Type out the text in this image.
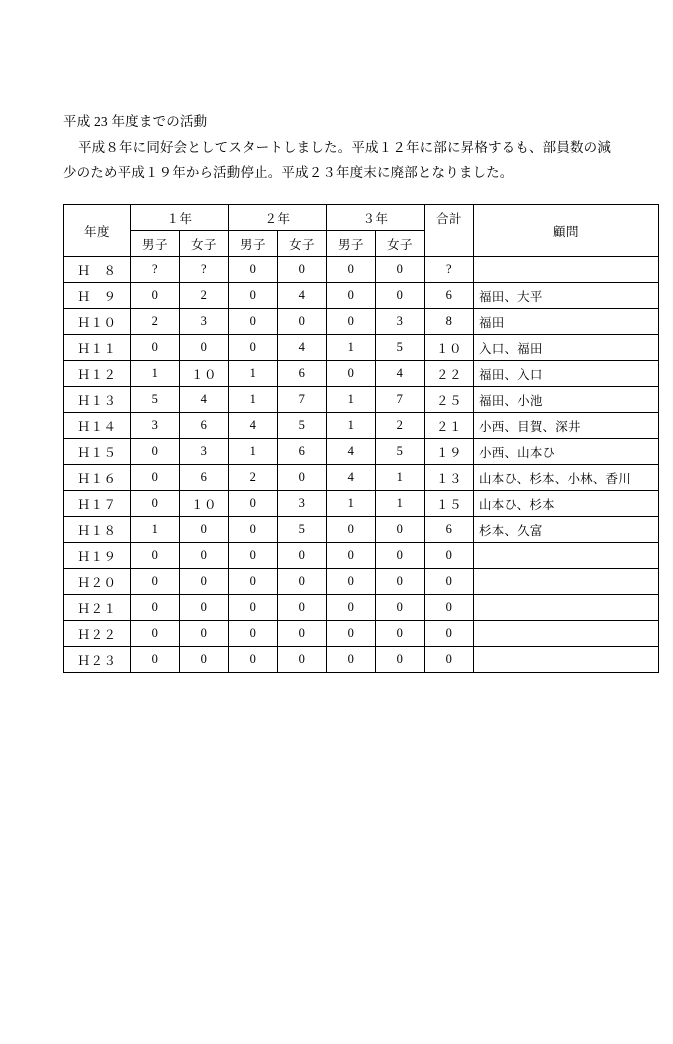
平成 23 年度までの活動

平成８年に同好会としてスタートしました。平成１２年に部に昇格するも、部員数の減少のため平成１９年から活動停止。平成２３年度末に廃部となりました。

年度	１年		２年		３年		合計	顧問
	男子	女子	男子	女子	男子	女子		
Ｈ　８	?	?	0	0	0	0	?	
Ｈ　９	0	2	0	4	0	0	6	福田、大平
Ｈ１０	2	3	0	0	0	3	8	福田
Ｈ１１	0	0	0	4	1	5	１０	入口、福田
Ｈ１２	1	１０	1	6	0	4	２２	福田、入口
Ｈ１３	5	4	1	7	1	7	２５	福田、小池
Ｈ１４	3	6	4	5	1	2	２１	小西、目賀、深井
Ｈ１５	0	3	1	6	4	5	１９	小西、山本ひ
Ｈ１６	0	6	2	0	4	1	１３	山本ひ、杉本、小林、香川
Ｈ１７	0	１０	0	3	1	1	１５	山本ひ、杉本
Ｈ１８	1	0	0	5	0	0	6	杉本、久富
Ｈ１９	0	0	0	0	0	0	0	
Ｈ２０	0	0	0	0	0	0	0	
Ｈ２１	0	0	0	0	0	0	0	
Ｈ２２	0	0	0	0	0	0	0	
Ｈ２３	0	0	0	0	0	0	0	
